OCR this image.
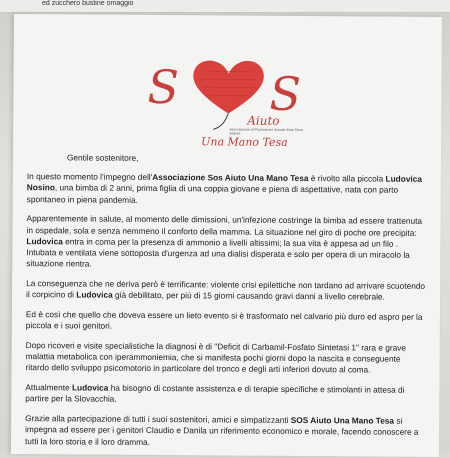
ed zucchero bustine omaggio
S S
Aiuto
Associazione di Promozione Sociale Ente Terzo Settore
Una Mano Tesa

Gentile sostenitore,

In questo momento l'impegno dell'Associazione Sos Aiuto Una Mano Tesa è rivolto alla piccola Ludovica Nosino, una bimba di 2 anni, prima figlia di una coppia giovane e piena di aspettative, nata con parto spontaneo in piena pandemia.

Apparentemente in salute, al momento delle dimissioni, un'infezione costringe la bimba ad essere trattenuta in ospedale, sola e senza nemmeno il conforto della mamma. La situazione nel giro di poche ore precipita: Ludovica entra in coma per la presenza di ammonio a livelli altissimi; la sua vita è appesa ad un filo . Intubata e ventilata viene sottoposta d'urgenza ad una dialisi disperata e solo per opera di un miracolo la situazione rientra.

La conseguenza che ne deriva però è terrificante: violente crisi epilettiche non tardano ad arrivare scuotendo il corpicino di Ludovica già debilitato, per più di 15 giorni causando gravi danni a livello cerebrale.

Ed è così che quello che doveva essere un lieto evento si è trasformato nel calvario più duro ed aspro per la piccola e i suoi genitori.

Dopo ricoveri e visite specialistiche la diagnosi è di "Deficit di Carbamil-Fosfato Sintetasi 1" rara e grave malattia metabolica con iperammoniemia, che si manifesta pochi giorni dopo la nascita e conseguente ritardo dello sviluppo psicomotorio in particolare del tronco e degli arti inferiori dovuto al coma.

Attualmente Ludovica ha bisogno di costante assistenza e di terapie specifiche e stimolanti in attesa di partire per la Slovacchia.

Grazie alla partecipazione di tutti i suoi sostenitori, amici e simpatizzanti SOS Aiuto Una Mano Tesa si impegna ad essere per i genitori Claudio e Danila un riferimento economico e morale, facendo conoscere a tutti la loro storia e il loro dramma.
